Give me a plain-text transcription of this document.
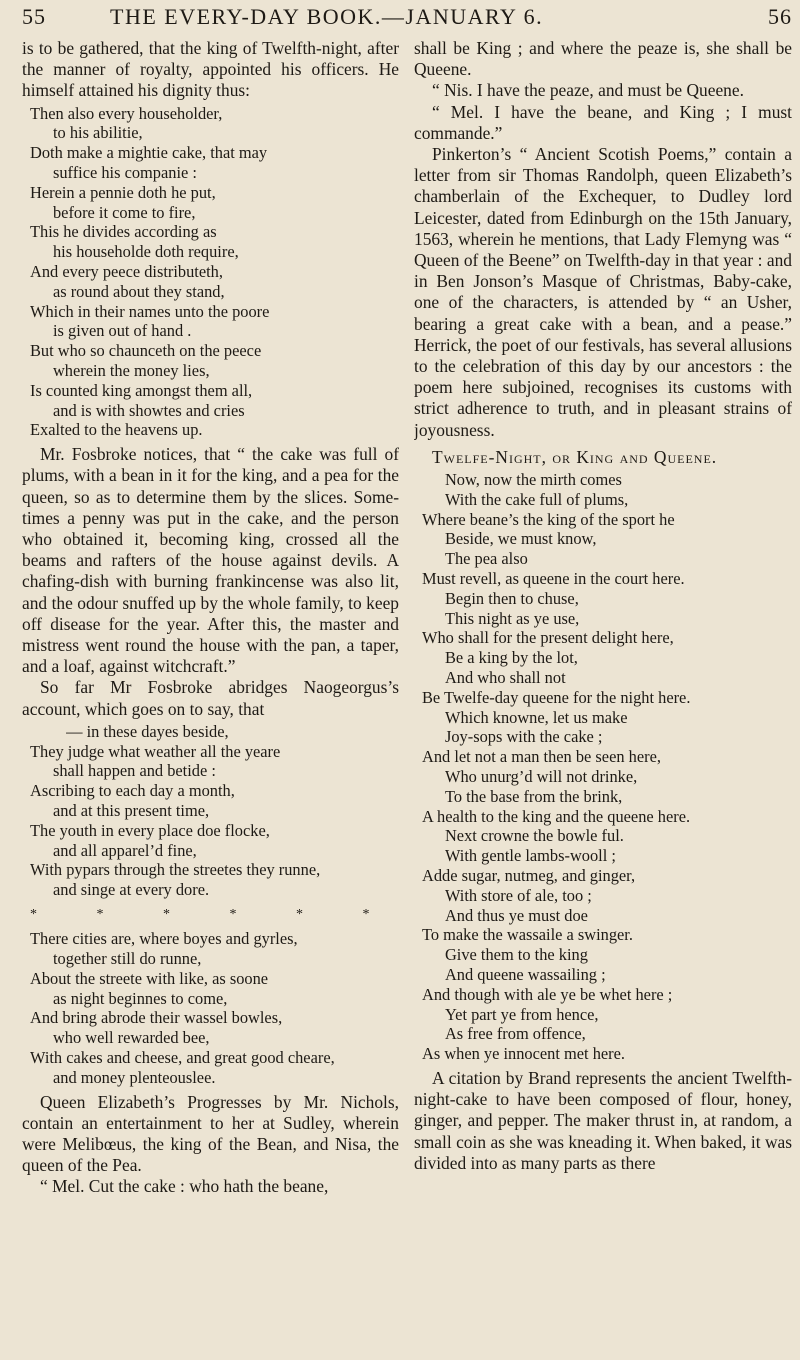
55	THE EVERY-DAY BOOK.—JANUARY 6.	56

is to be gathered, that the king of Twelfth-night, after the manner of royalty, appointed his officers. He himself attained his dignity thus:

Then also every householder,
to his abilitie,
Doth make a mightie cake, that may
suffice his companie :
Herein a pennie doth he put,
before it come to fire,
This he divides according as
his householde doth require,
And every peece distributeth,
as round about they stand,
Which in their names unto the poore
is given out of hand .
But who so chaunceth on the peece
wherein the money lies,
Is counted king amongst them all,
and is with showtes and cries
Exalted to the heavens up.

Mr. Fosbroke notices, that “ the cake was full of plums, with a bean in it for the king, and a pea for the queen, so as to determine them by the slices. Some-times a penny was put in the cake, and the person who obtained it, becoming king, crossed all the beams and rafters of the house against devils. A chafing-dish with burning frankincense was also lit, and the odour snuffed up by the whole family, to keep off disease for the year. After this, the master and mistress went round the house with the pan, a taper, and a loaf, against witchcraft.”

So far Mr Fosbroke abridges Naogeorgus’s account, which goes on to say, that

— in these dayes beside,
They judge what weather all the yeare
shall happen and betide :
Ascribing to each day a month,
and at this present time,
The youth in every place doe flocke,
and all apparel’d fine,
With pypars through the streetes they runne,
and singe at every dore.
* * * * * *
There cities are, where boyes and gyrles,
together still do runne,
About the streete with like, as soone
as night beginnes to come,
And bring abrode their wassel bowles,
who well rewarded bee,
With cakes and cheese, and great good cheare,
and money plenteouslee.

Queen Elizabeth’s Progresses by Mr. Nichols, contain an entertainment to her at Sudley, wherein were Melibœus, the king of the Bean, and Nisa, the queen of the Pea.

“ Mel. Cut the cake : who hath the beane,

shall be King ; and where the peaze is, she shall be Queene.

“ Nis. I have the peaze, and must be Queene.

“ Mel. I have the beane, and King ; I must commande.”

Pinkerton’s “ Ancient Scotish Poems,” contain a letter from sir Thomas Randolph, queen Elizabeth’s chamberlain of the Exchequer, to Dudley lord Leicester, dated from Edinburgh on the 15th January, 1563, wherein he mentions, that Lady Flemyng was “ Queen of the Beene” on Twelfth-day in that year : and in Ben Jonson’s Masque of Christmas, Baby-cake, one of the characters, is attended by “ an Usher, bearing a great cake with a bean, and a pease.” Herrick, the poet of our festivals, has several allusions to the celebration of this day by our ancestors : the poem here subjoined, recognises its customs with strict adherence to truth, and in pleasant strains of joyousness.

Twelfe-Night, or King and Queene.
Now, now the mirth comes
With the cake full of plums,
Where beane’s the king of the sport he
Beside, we must know,
The pea also
Must revell, as queene in the court here.
Begin then to chuse,
This night as ye use,
Who shall for the present delight here,
Be a king by the lot,
And who shall not
Be Twelfe-day queene for the night here.
Which knowne, let us make
Joy-sops with the cake ;
And let not a man then be seen here,
Who unurg’d will not drinke,
To the base from the brink,
A health to the king and the queene here.
Next crowne the bowle ful.
With gentle lambs-wooll ;
Adde sugar, nutmeg, and ginger,
With store of ale, too ;
And thus ye must doe
To make the wassaile a swinger.
Give them to the king
And queene wassailing ;
And though with ale ye be whet here ;
Yet part ye from hence,
As free from offence,
As when ye innocent met here.

A citation by Brand represents the ancient Twelfth-night-cake to have been composed of flour, honey, ginger, and pepper. The maker thrust in, at random, a small coin as she was kneading it. When baked, it was divided into as many parts as there
